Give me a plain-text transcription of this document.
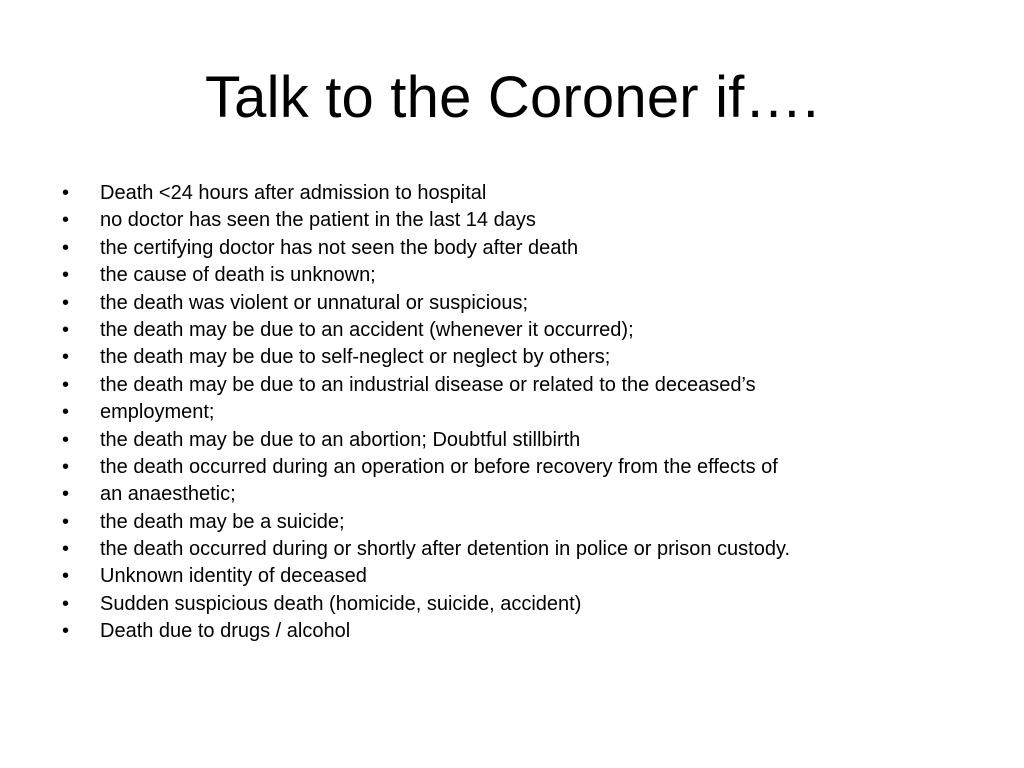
Talk to the Coroner if….
•	Death <24 hours after admission to hospital
•	no doctor has seen the patient in the last 14 days
•	the certifying doctor has not seen the body after death
•	the cause of death is unknown;
•	the death was violent or unnatural or suspicious;
•	the death may be due to an accident (whenever it occurred);
•	the death may be due to self-neglect or neglect by others;
•	the death may be due to an industrial disease or related to the deceased’s
•	employment;
•	the death may be due to an abortion; Doubtful stillbirth
•	the death occurred during an operation or before recovery from the effects of
•	an anaesthetic;
•	the death may be a suicide;
•	the death occurred during or shortly after detention in police or prison custody.
•	Unknown identity of deceased
•	Sudden suspicious death (homicide, suicide, accident)
•	Death due to drugs / alcohol
